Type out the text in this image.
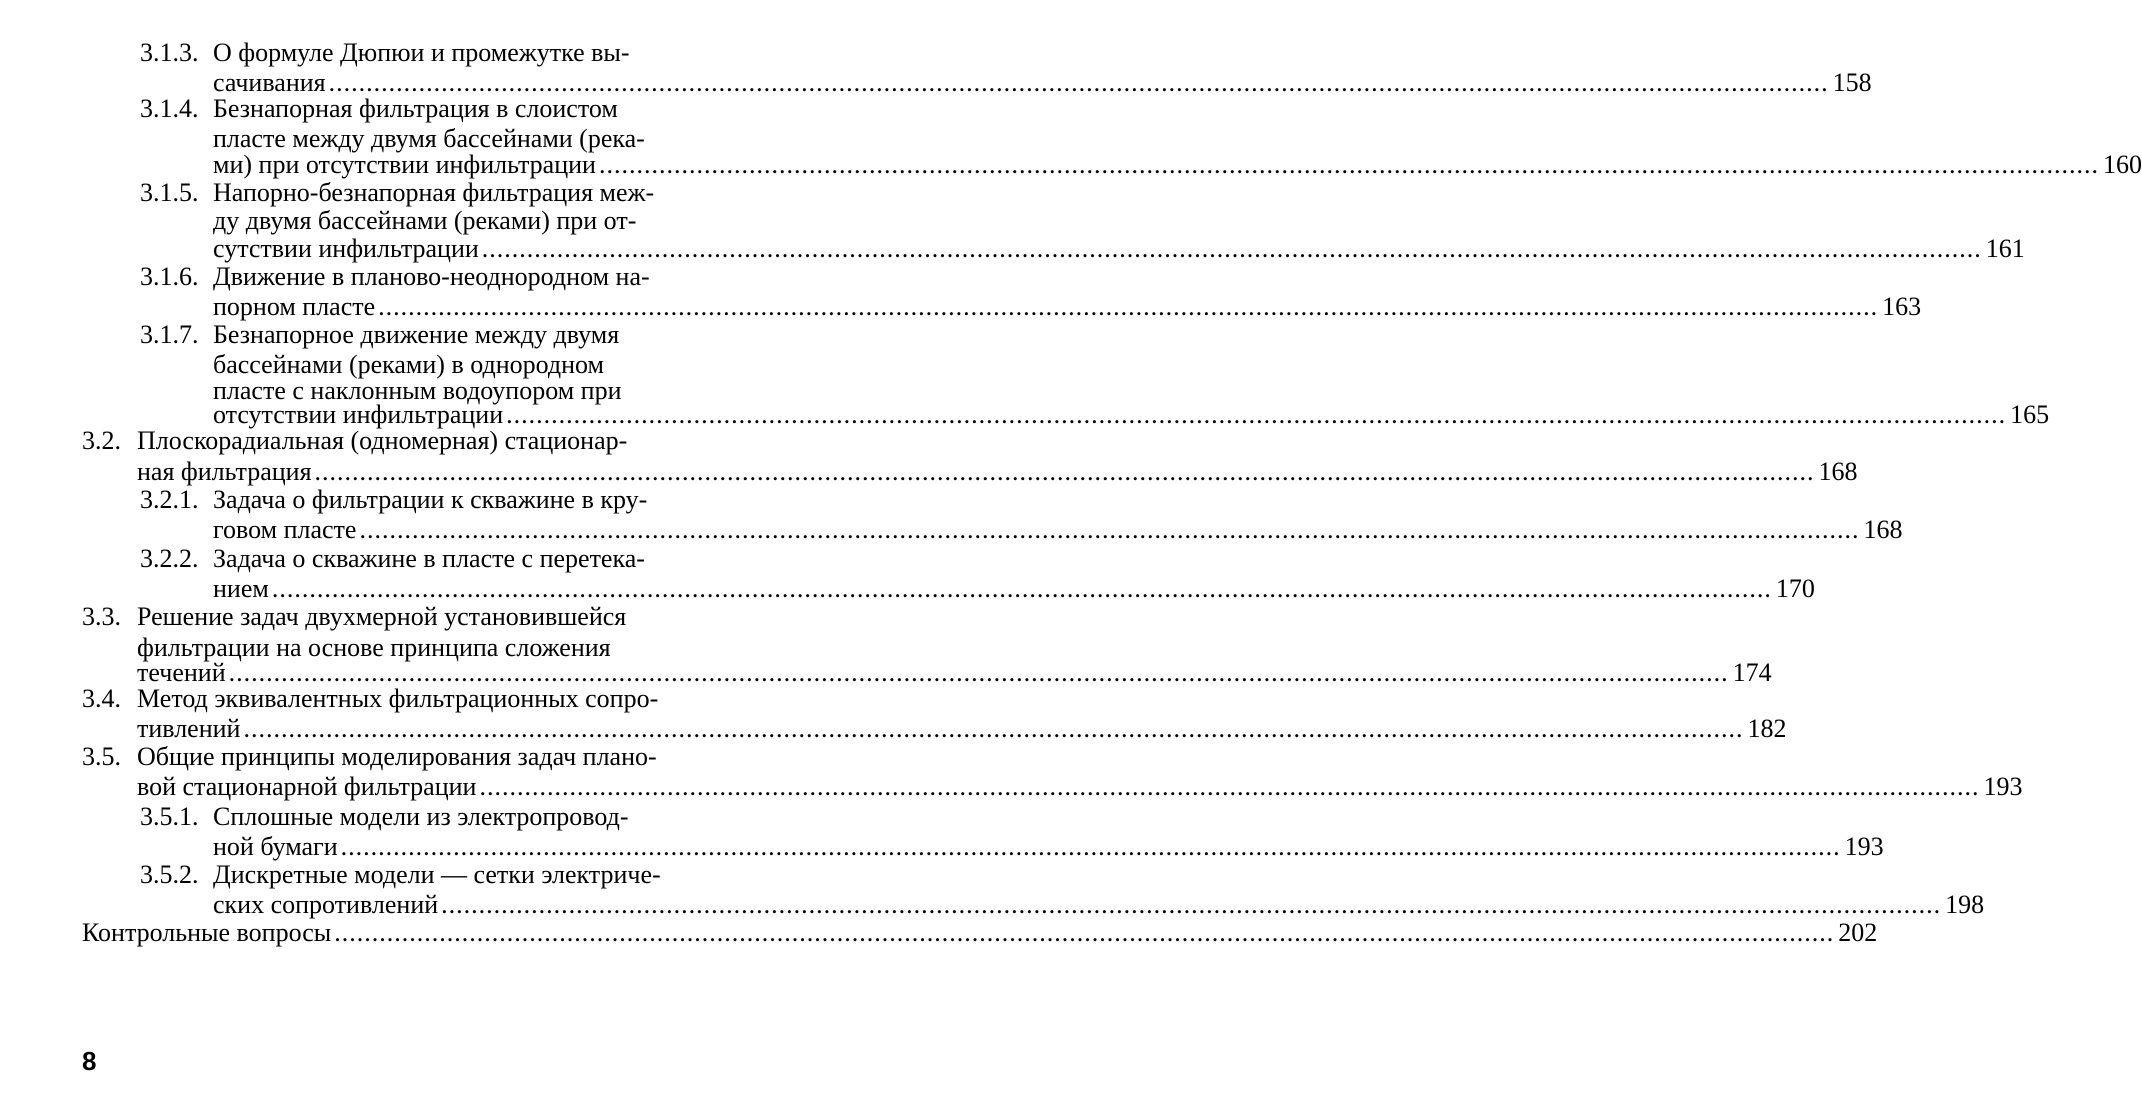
3.1.3. О формуле Дюпюи и промежутке вы-
сачивания ........................................................................................................................................................................................................ 158
3.1.4. Безнапорная фильтрация в слоистом
пласте между двумя бассейнами (река-
ми) при отсутствии инфильтрации ........................................................................................................................................................................................................ 160
3.1.5. Напорно-безнапорная фильтрация меж-
ду двумя бассейнами (реками) при от-
сутствии инфильтрации ........................................................................................................................................................................................................ 161
3.1.6. Движение в планово-неоднородном на-
порном пласте ........................................................................................................................................................................................................ 163
3.1.7. Безнапорное движение между двумя
бассейнами (реками) в однородном
пласте с наклонным водоупором при
отсутствии инфильтрации ........................................................................................................................................................................................................ 165
3.2. Плоскорадиальная (одномерная) стационар-
ная фильтрация ........................................................................................................................................................................................................ 168
3.2.1. Задача о фильтрации к скважине в кру-
говом пласте ........................................................................................................................................................................................................ 168
3.2.2. Задача о скважине в пласте с перетека-
нием ........................................................................................................................................................................................................ 170
3.3. Решение задач двухмерной установившейся
фильтрации на основе принципа сложения
течений ........................................................................................................................................................................................................ 174
3.4. Метод эквивалентных фильтрационных сопро-
тивлений ........................................................................................................................................................................................................ 182
3.5. Общие принципы моделирования задач плано-
вой стационарной фильтрации ........................................................................................................................................................................................................ 193
3.5.1. Сплошные модели из электропровод-
ной бумаги ........................................................................................................................................................................................................ 193
3.5.2. Дискретные модели — сетки электриче-
ских сопротивлений ........................................................................................................................................................................................................ 198
Контрольные вопросы ........................................................................................................................................................................................................ 202
8
